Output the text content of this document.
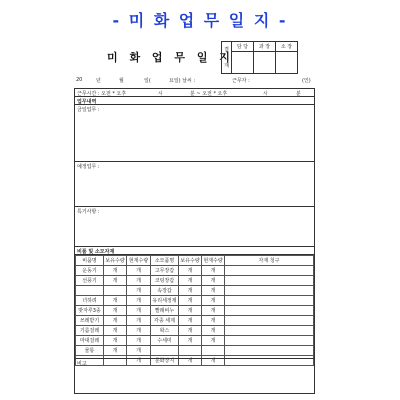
- 미 화 업 무 일 지 -
미 화 업 무 일 지
결

재	담 당	과 장	소 장

20	년	월	일(	요일) 날씨 :	근무자 :	(인)
근무시간 : 오전 * 오후	시	분 ~ 오전 * 오후	시	분
업무내역
금일업무 :
예정업무 :
특기사항 :
비품 및 소모자재
비품명	보유수량	현재수량	소모품명	보유수량	현재수량	자재 청구
운동기	개	개	고무장갑	개	개	
선풍기	개	개	코팅장갑	개	개	
		개	속장갑	개	개	
녀하려	개	개	유리세정제	개	개	
밧자루3종	개	개	빨래비누	개	개	
쓰레받기	개	개	각종 세제	개	개	
기름걸레	개	개	왁스	개	개	
마대걸레	개	개	수세미	개	개	
물통	개	개				
		개	문화장지	개	개	
비고
